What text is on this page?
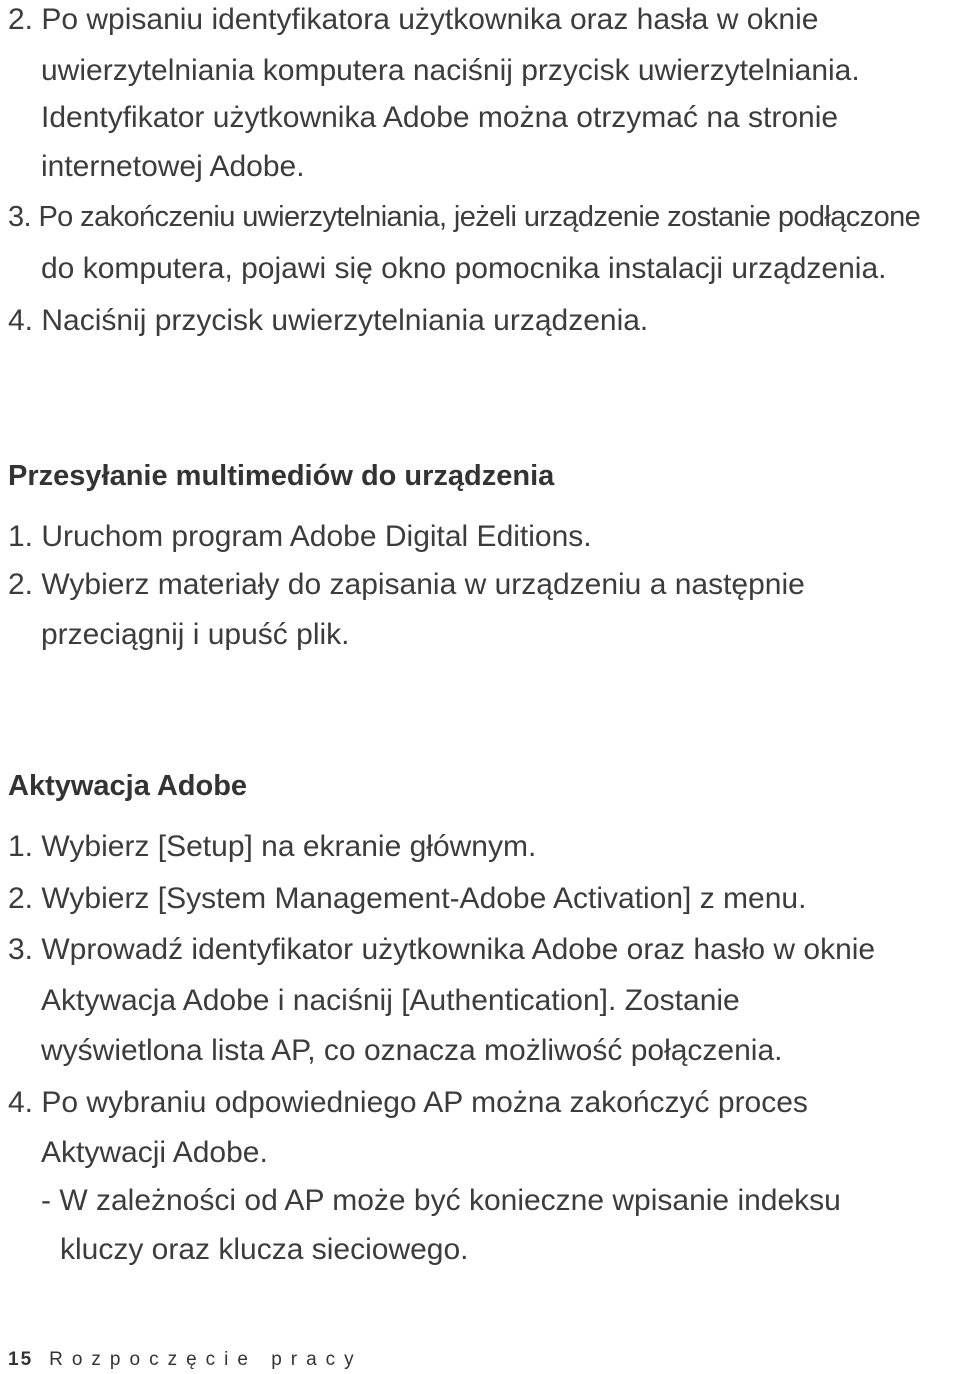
2. Po wpisaniu identyfikatora użytkownika oraz hasła w oknie
uwierzytelniania komputera naciśnij przycisk uwierzytelniania.
Identyfikator użytkownika Adobe można otrzymać na stronie
internetowej Adobe.
3. Po zakończeniu uwierzytelniania, jeżeli urządzenie zostanie podłączone
do komputera, pojawi się okno pomocnika instalacji urządzenia.
4. Naciśnij przycisk uwierzytelniania urządzenia.
Przesyłanie multimediów do urządzenia
1. Uruchom program Adobe Digital Editions.
2. Wybierz materiały do zapisania w urządzeniu a następnie
przeciągnij i upuść plik.
Aktywacja Adobe
1. Wybierz [Setup] na ekranie głównym.
2. Wybierz [System Management-Adobe Activation] z menu.
3. Wprowadź identyfikator użytkownika Adobe oraz hasło w oknie
Aktywacja Adobe i naciśnij [Authentication]. Zostanie
wyświetlona lista AP, co oznacza możliwość połączenia.
4. Po wybraniu odpowiedniego AP można zakończyć proces
Aktywacji Adobe.
- W zależności od AP może być konieczne wpisanie indeksu
kluczy oraz klucza sieciowego.
15 Rozpoczęcie pracy
